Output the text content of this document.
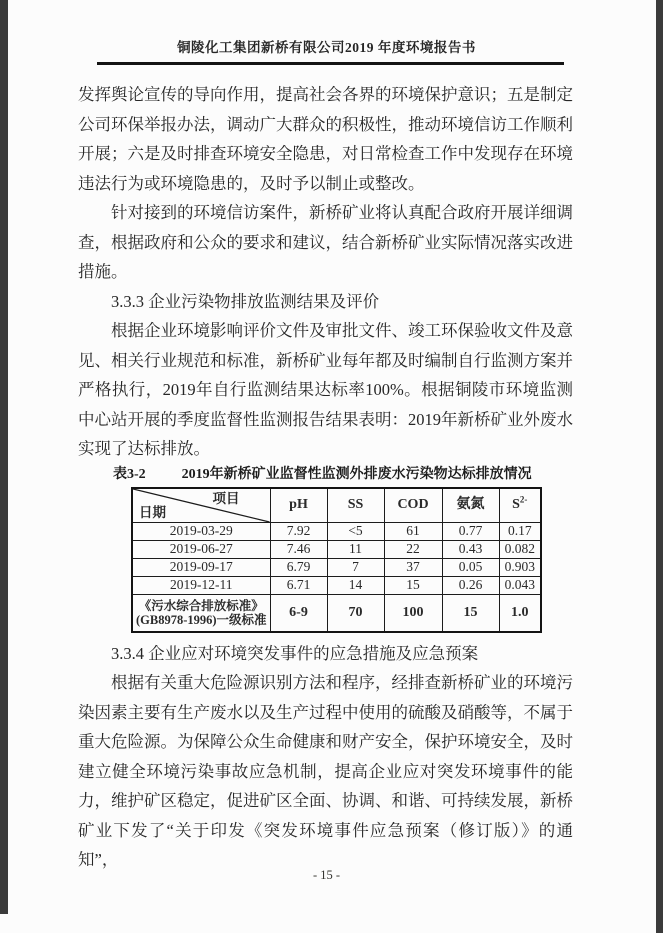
铜陵化工集团新桥有限公司2019 年度环境报告书

发挥舆论宣传的导向作用，提高社会各界的环境保护意识；五是制定公司环保举报办法，调动广大群众的积极性，推动环境信访工作顺利开展；六是及时排查环境安全隐患，对日常检查工作中发现存在环境违法行为或环境隐患的，及时予以制止或整改。

针对接到的环境信访案件，新桥矿业将认真配合政府开展详细调查，根据政府和公众的要求和建议，结合新桥矿业实际情况落实改进措施。

3.3.3 企业污染物排放监测结果及评价

根据企业环境影响评价文件及审批文件、竣工环保验收文件及意见、相关行业规范和标准，新桥矿业每年都及时编制自行监测方案并严格执行，2019年自行监测结果达标率100%。根据铜陵市环境监测中心站开展的季度监督性监测报告结果表明：2019年新桥矿业外废水实现了达标排放。

表3-2	2019年新桥矿业监督性监测外排废水污染物达标排放情况
项目
日期	pH	SS	COD	氨氮	$S^{2-}$
2019-03-29	7.92	<5	61	0.77	0.17
2019-06-27	7.46	11	22	0.43	0.082
2019-09-17	6.79	7	37	0.05	0.903
2019-12-11	6.71	14	15	0.26	0.043

《污水综合排放标准》
(GB8978-1996)一级标准	6-9	70	100	15	1.0

3.3.4 企业应对环境突发事件的应急措施及应急预案

根据有关重大危险源识别方法和程序，经排查新桥矿业的环境污染因素主要有生产废水以及生产过程中使用的硫酸及硝酸等，不属于重大危险源。为保障公众生命健康和财产安全，保护环境安全，及时建立健全环境污染事故应急机制，提高企业应对突发环境事件的能力，维护矿区稳定，促进矿区全面、协调、和谐、可持续发展，新桥矿业下发了“关于印发《突发环境事件应急预案（修订版）》的通知”，

- 15 -
